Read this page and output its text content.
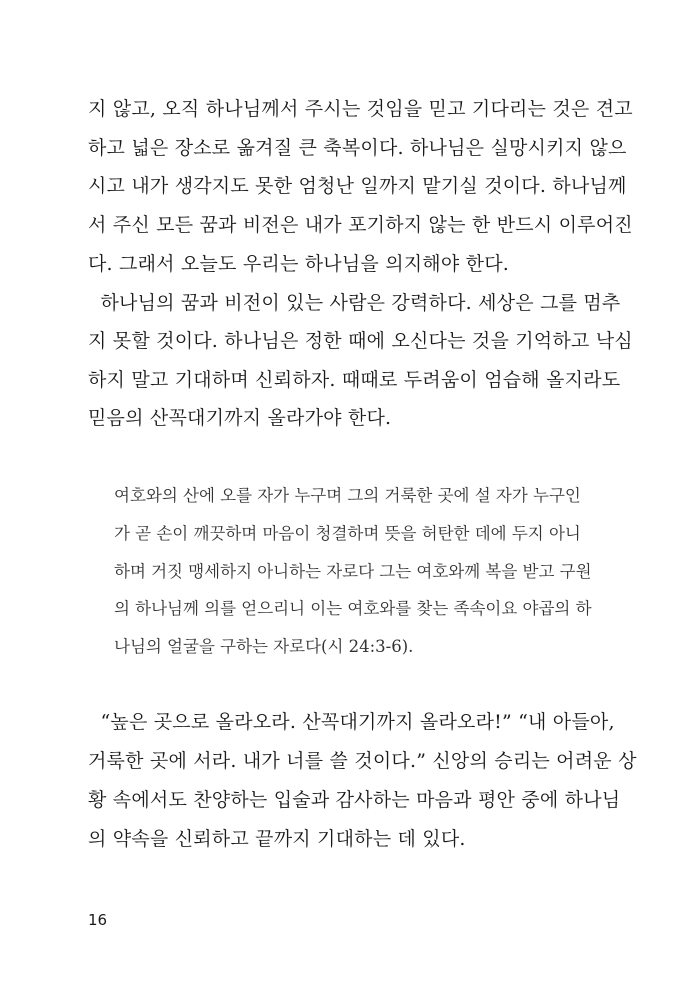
지 않고, 오직 하나님께서 주시는 것임을 믿고 기다리는 것은 견고
하고 넓은 장소로 옮겨질 큰 축복이다. 하나님은 실망시키지 않으
시고 내가 생각지도 못한 엄청난 일까지 맡기실 것이다. 하나님께
서 주신 모든 꿈과 비전은 내가 포기하지 않는 한 반드시 이루어진
다. 그래서 오늘도 우리는 하나님을 의지해야 한다.

하나님의 꿈과 비전이 있는 사람은 강력하다. 세상은 그를 멈추
지 못할 것이다. 하나님은 정한 때에 오신다는 것을 기억하고 낙심
하지 말고 기대하며 신뢰하자. 때때로 두려움이 엄습해 올지라도
믿음의 산꼭대기까지 올라가야 한다.

여호와의 산에 오를 자가 누구며 그의 거룩한 곳에 설 자가 누구인
가 곧 손이 깨끗하며 마음이 청결하며 뜻을 허탄한 데에 두지 아니
하며 거짓 맹세하지 아니하는 자로다 그는 여호와께 복을 받고 구원
의 하나님께 의를 얻으리니 이는 여호와를 찾는 족속이요 야곱의 하
나님의 얼굴을 구하는 자로다(시 24:3-6).

“높은 곳으로 올라오라. 산꼭대기까지 올라오라!” “내 아들아,
거룩한 곳에 서라. 내가 너를 쓸 것이다.” 신앙의 승리는 어려운 상
황 속에서도 찬양하는 입술과 감사하는 마음과 평안 중에 하나님
의 약속을 신뢰하고 끝까지 기대하는 데 있다.

16
